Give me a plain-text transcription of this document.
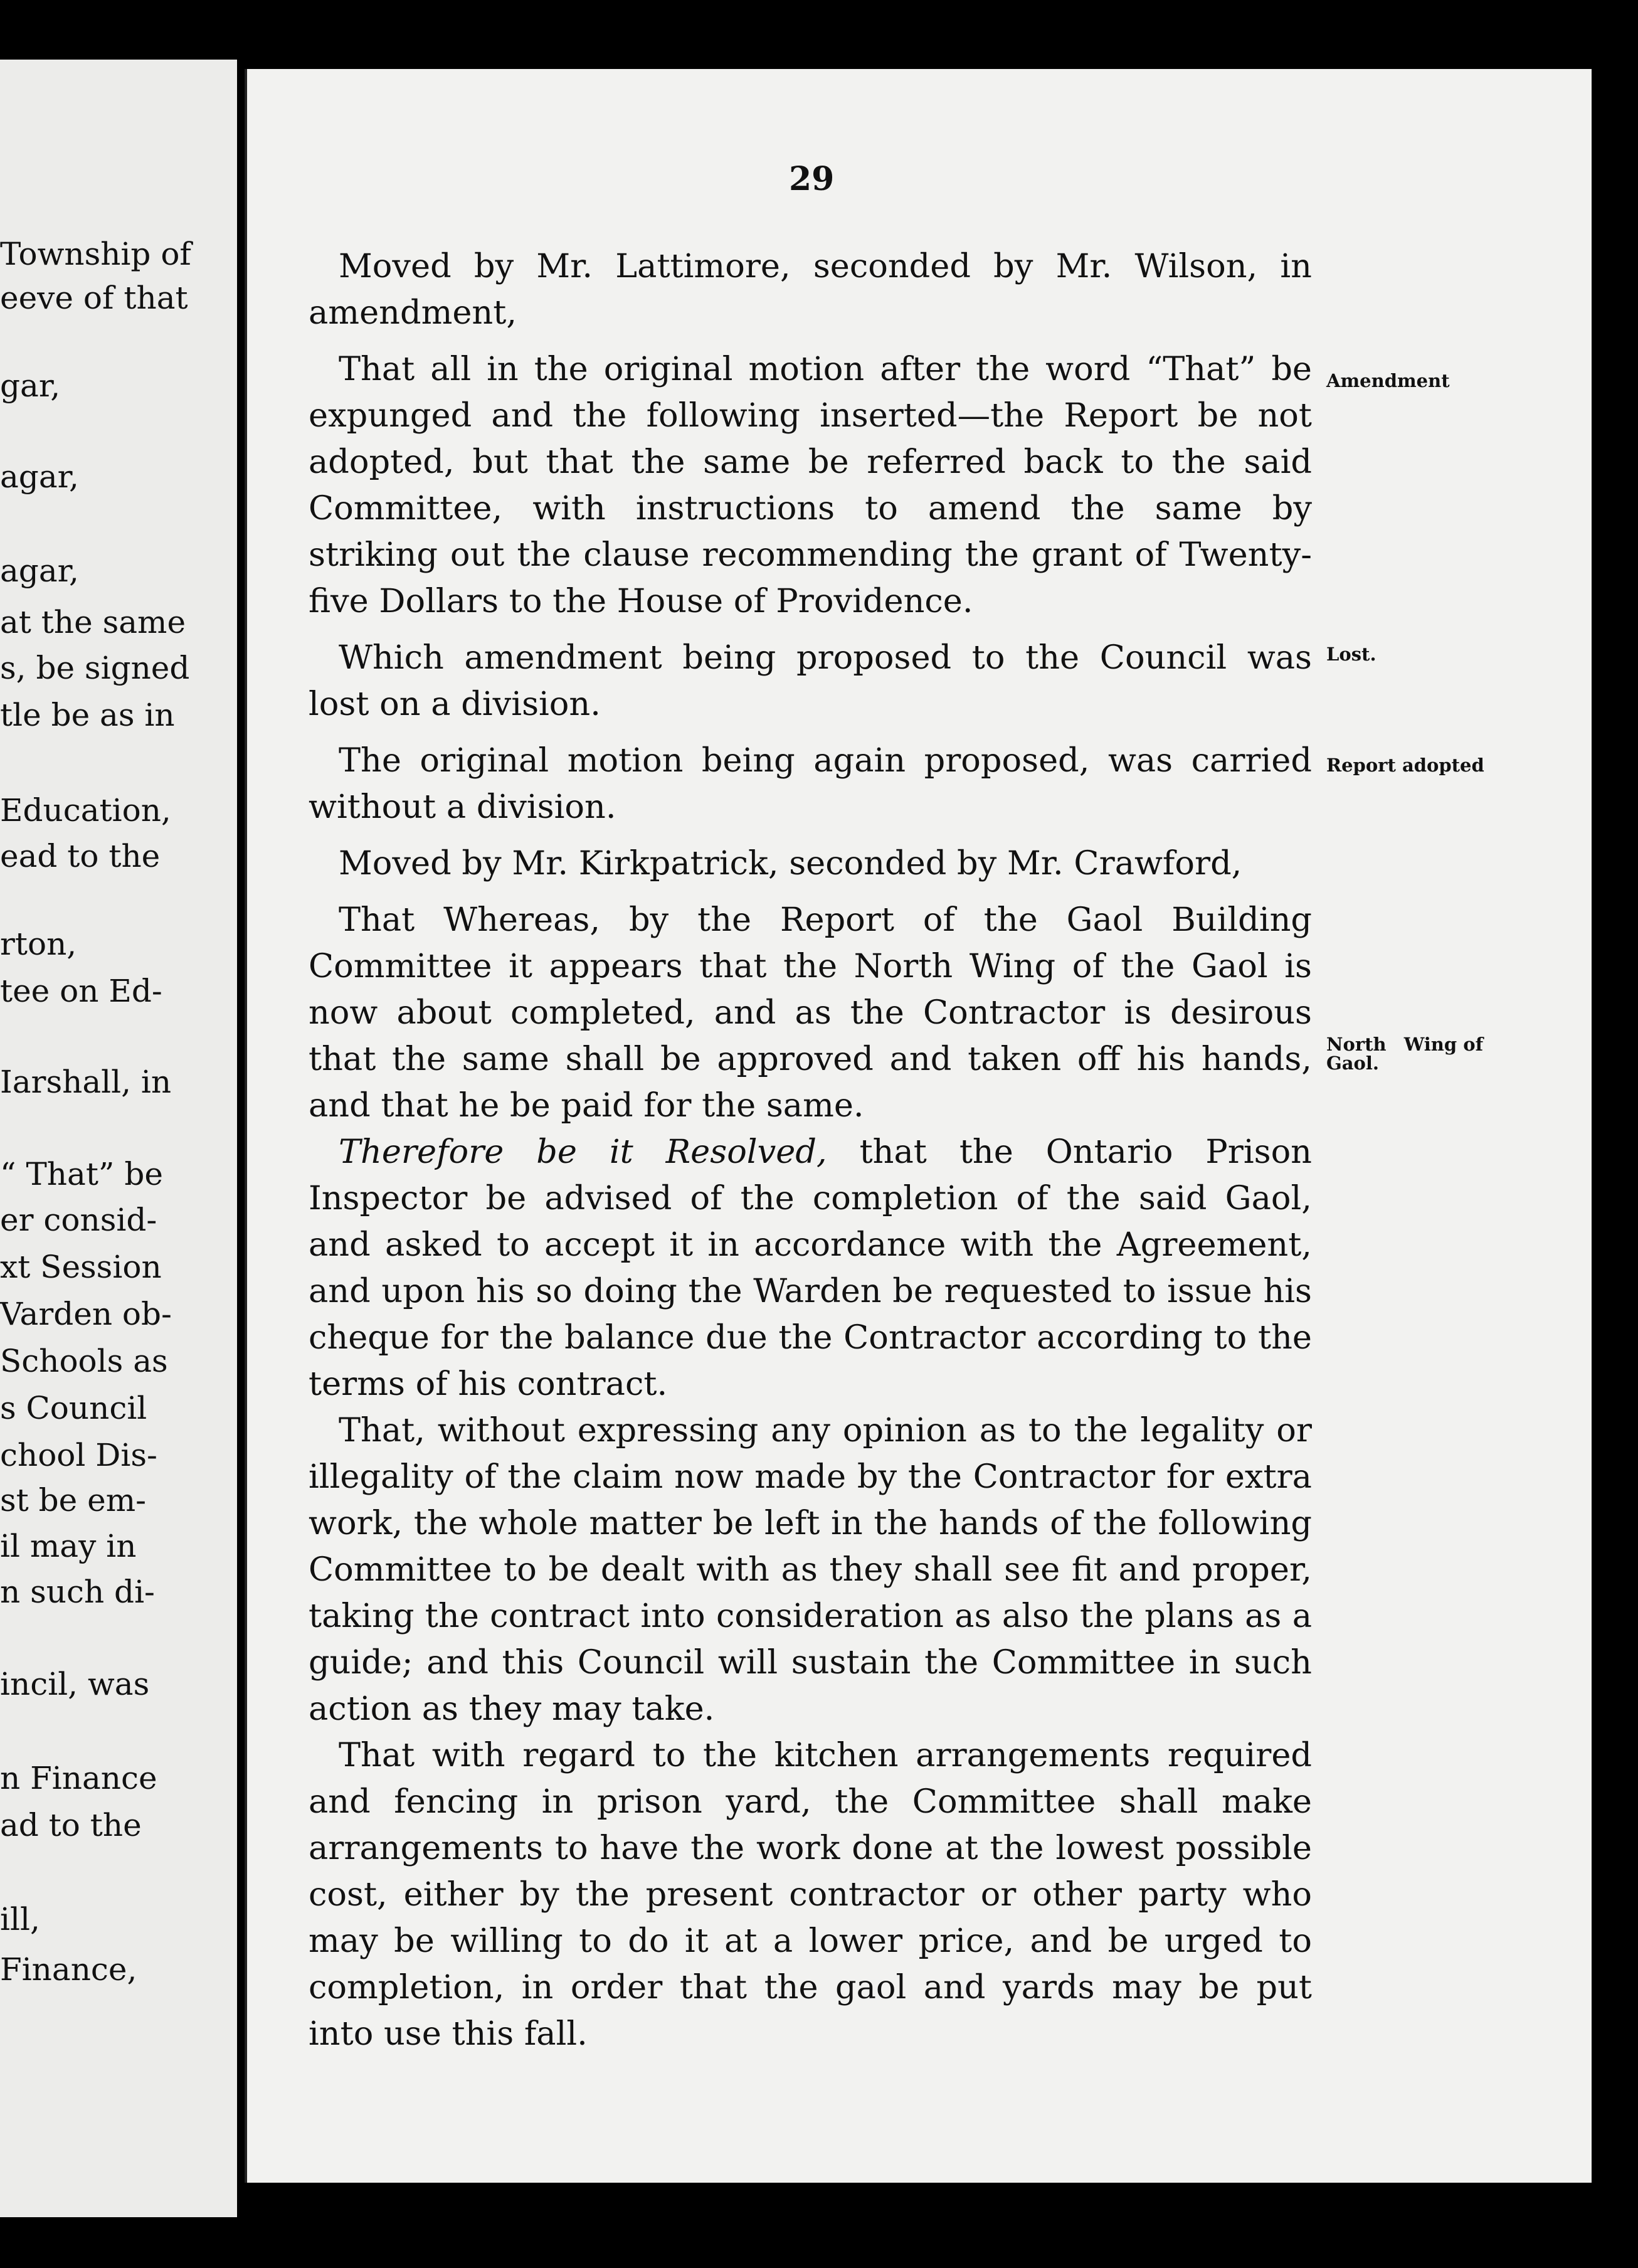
Township of
eeve of that
gar,
agar,
agar,
at the same
s, be signed
tle be as in
Education,
ead to the
rton,
tee on Ed-
Iarshall, in
“ That” be
er consid-
xt Session
Varden ob-
Schools as
s Council
chool Dis-
st be em-
il may in
n such di-
incil, was
n Finance
ad to the
ill,
Finance,
29

Moved by Mr. Lattimore, seconded by Mr. Wilson, in amendment,

That all in the original motion after the word “That” be expunged and the following inserted—the Report be not adopted, but that the same be referred back to the said Committee, with instructions to amend the same by striking out the clause recommending the grant of Twenty-five Dollars to the House of Providence.

Which amendment being proposed to the Council was lost on a division.

The original motion being again proposed, was carried without a division.

Moved by Mr. Kirkpatrick, seconded by Mr. Crawford,

That Whereas, by the Report of the Gaol Building Committee it appears that the North Wing of the Gaol is now about completed, and as the Contractor is desirous that the same shall be approved and taken off his hands, and that he be paid for the same.

Therefore be it Resolved, that the Ontario Prison Inspector be advised of the completion of the said Gaol, and asked to accept it in accordance with the Agreement, and upon his so doing the Warden be requested to issue his cheque for the balance due the Contractor according to the terms of his contract.

That, without expressing any opinion as to the legality or illegality of the claim now made by the Contractor for extra work, the whole matter be left in the hands of the following Committee to be dealt with as they shall see fit and proper, taking the contract into consideration as also the plans as a guide; and this Council will sustain the Committee in such action as they may take.

That with regard to the kitchen arrangements required and fencing in prison yard, the Committee shall make arrangements to have the work done at the lowest possible cost, either by the present contractor or other party who may be willing to do it at a lower price, and be urged to completion, in order that the gaol and yards may be put into use this fall.

Amendment
Lost.
Report adopted
North Wing of
Gaol.
